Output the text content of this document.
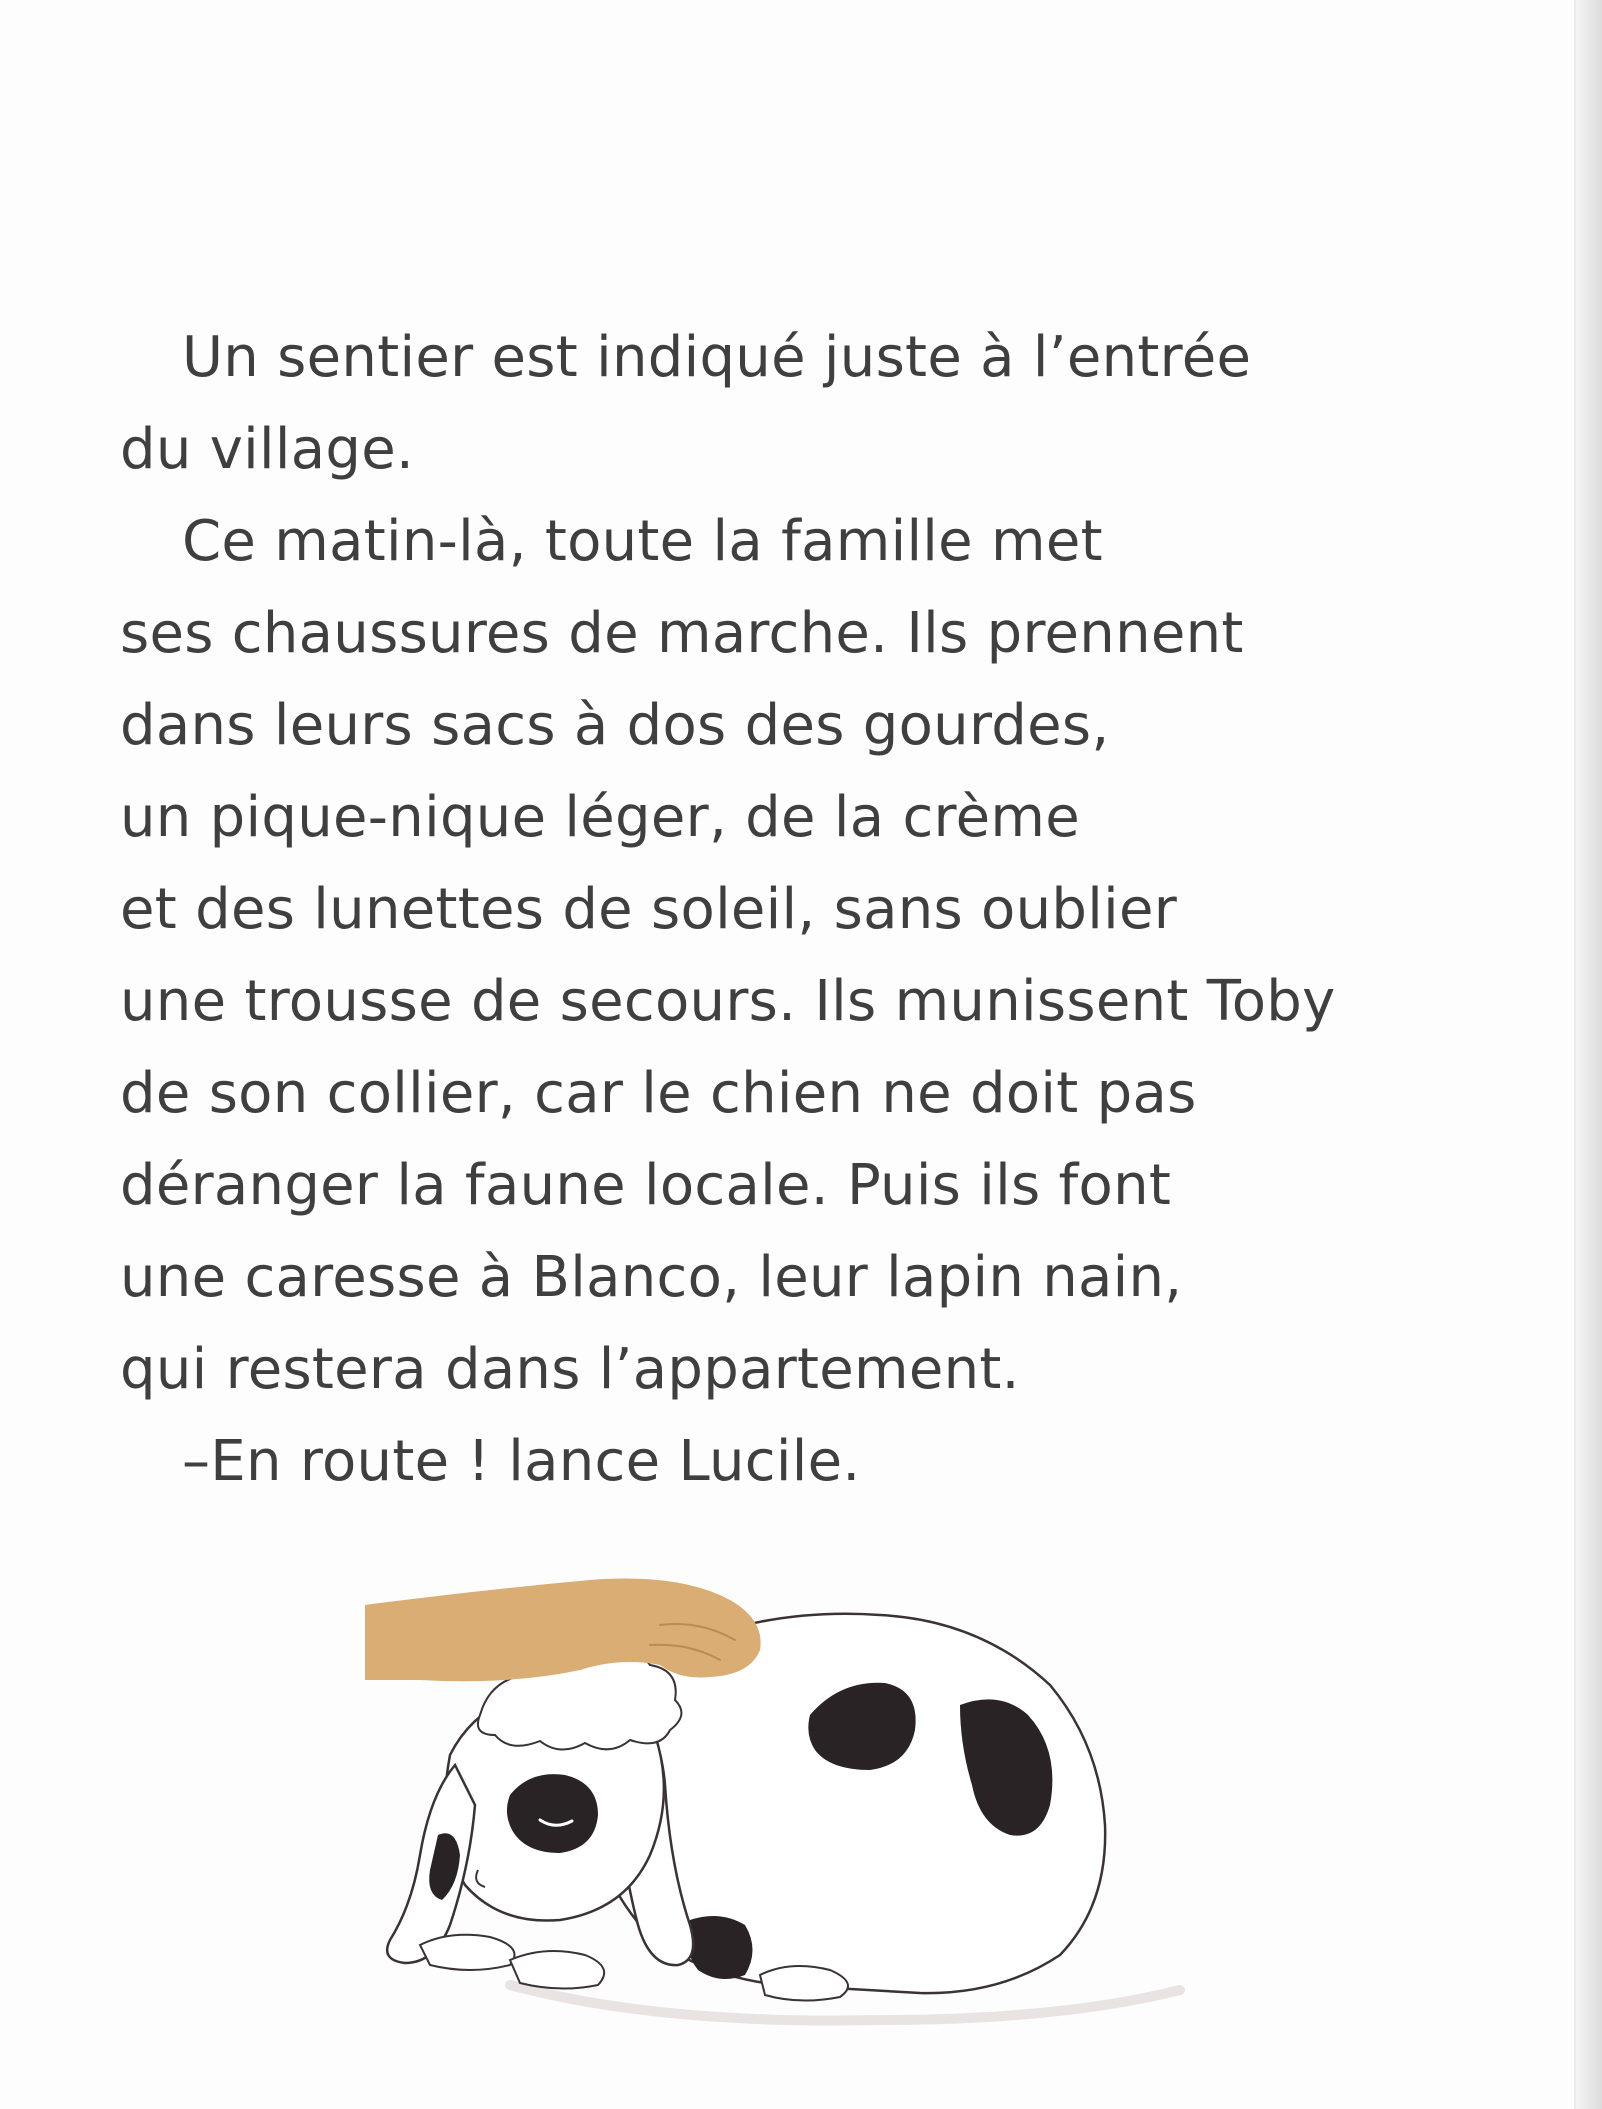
Un sentier est indiqué juste à l’entrée
du village.
Ce matin-là, toute la famille met
ses chaussures de marche. Ils prennent
dans leurs sacs à dos des gourdes,
un pique-nique léger, de la crème
et des lunettes de soleil, sans oublier
une trousse de secours. Ils munissent Toby
de son collier, car le chien ne doit pas
déranger la faune locale. Puis ils font
une caresse à Blanco, leur lapin nain,
qui restera dans l’appartement.
–En route ! lance Lucile.
